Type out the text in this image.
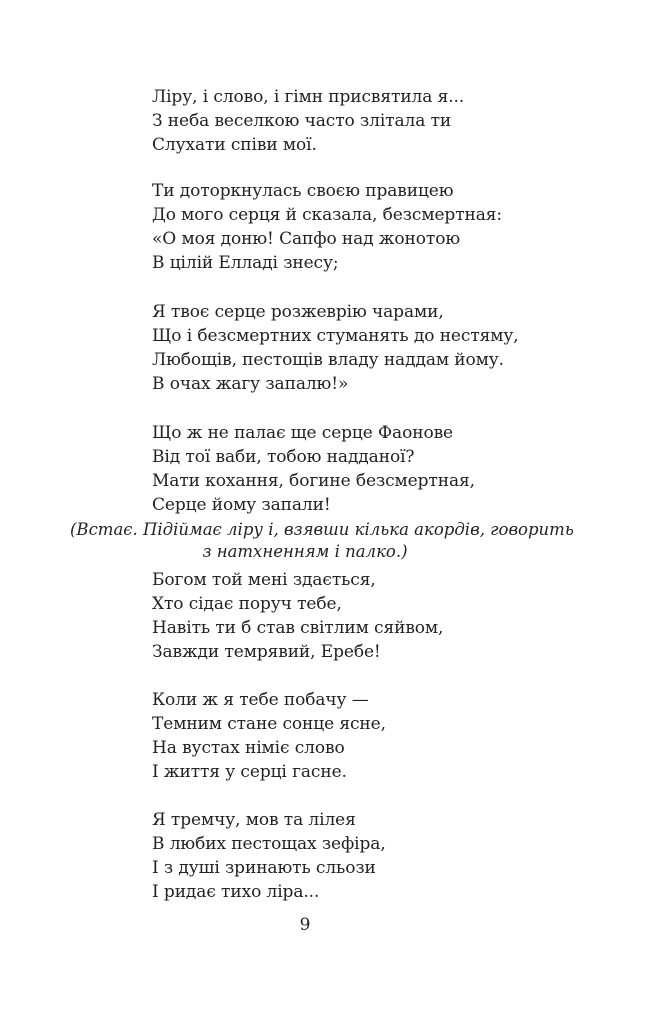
Ліру, і слово, і гімн присвятила я...
З неба веселкою часто злітала ти
Слухати співи мої.
Ти доторкнулась своєю правицею
До мого серця й сказала, безсмертная:
«О моя доню! Сапфо над жонотою
В цілій Елладі знесу;
Я твоє серце розжеврію чарами,
Що і безсмертних стуманять до нестяму,
Любощів, пестощів владу наддам йому.
В очах жагу запалю!»
Що ж не палає ще серце Фаонове
Від тої ваби, тобою надданої?
Мати кохання, богине безсмертная,
Серце йому запали!
(Встає. Підіймає ліру і, взявши кілька акордів, говорить
з натхненням і палко.)
Богом той мені здається,
Хто сідає поруч тебе,
Навіть ти б став світлим сяйвом,
Завжди темрявий, Еребе!
Коли ж я тебе побачу —
Темним стане сонце ясне,
На вустах німіє слово
І життя у серці гасне.
Я тремчу, мов та лілея
В любих пестощах зефіра,
І з душі зринають сльози
І ридає тихо ліра...
9
